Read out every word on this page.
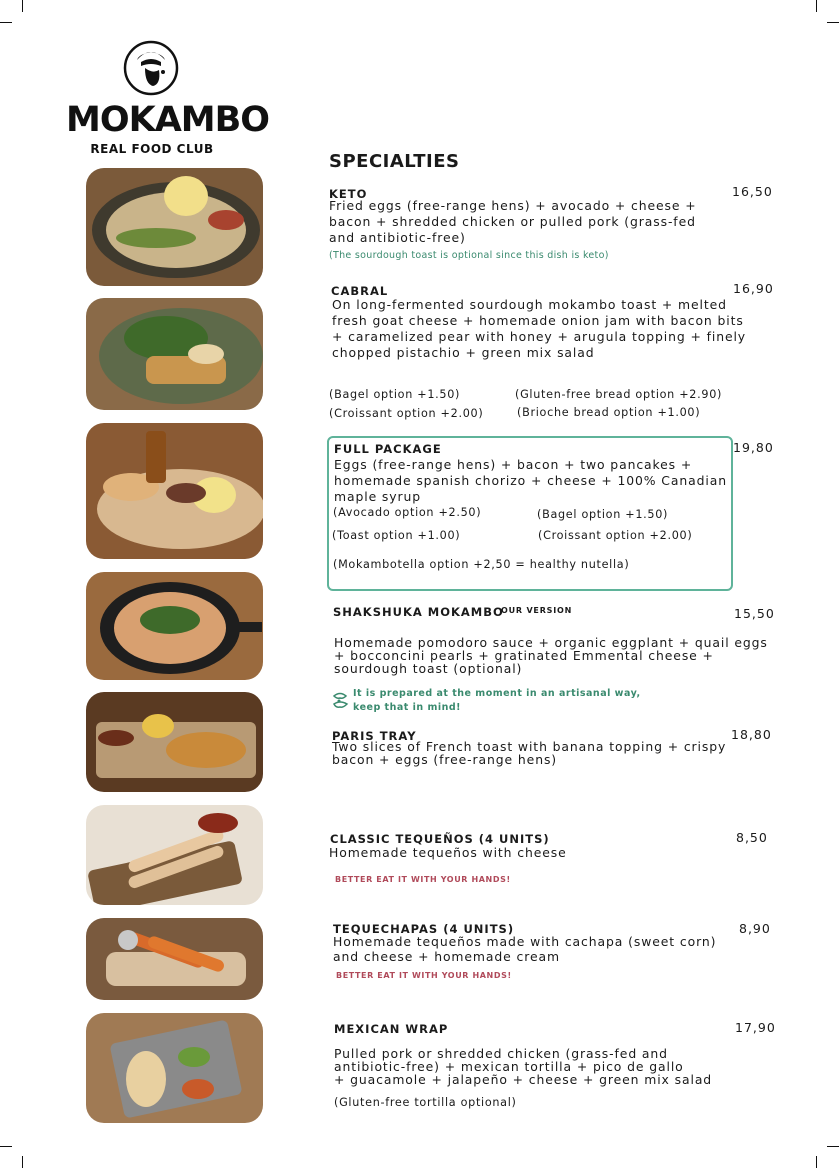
MOKAMBO
REAL FOOD CLUB
SPECIALTIES
KETO	16,50
Fried eggs (free-range hens) + avocado + cheese +
bacon + shredded chicken or pulled pork (grass-fed
and antibiotic-free)
(The sourdough toast is optional since this dish is keto)
CABRAL	16,90
On long-fermented sourdough mokambo toast + melted
fresh goat cheese + homemade onion jam with bacon bits
+ caramelized pear with honey + arugula topping + finely
chopped pistachio + green mix salad
(Bagel option +1.50)	(Gluten-free bread option +2.90)
(Croissant option +2.00)	(Brioche bread option +1.00)
FULL PACKAGE	19,80
Eggs (free-range hens) + bacon + two pancakes +
homemade spanish chorizo + cheese + 100% Canadian
maple syrup
(Avocado option +2.50)	(Bagel option +1.50)
(Toast option +1.00)	(Croissant option +2.00)
(Mokambotella option +2,50 = healthy nutella)
SHAKSHUKA MOKAMBO
OUR VERSION	15,50
Homemade pomodoro sauce + organic eggplant + quail eggs
+ bocconcini pearls + gratinated Emmental cheese +
sourdough toast (optional)
It is prepared at the moment in an artisanal way,
keep that in mind!
PARIS TRAY	18,80
Two slices of French toast with banana topping + crispy
bacon + eggs (free-range hens)
CLASSIC TEQUEÑOS (4 UNITS)	8,50
Homemade tequeños with cheese
BETTER EAT IT WITH YOUR HANDS!
TEQUECHAPAS (4 UNITS)	8,90
Homemade tequeños made with cachapa (sweet corn)
and cheese + homemade cream
BETTER EAT IT WITH YOUR HANDS!
MEXICAN WRAP	17,90
Pulled pork or shredded chicken (grass-fed and
antibiotic-free) + mexican tortilla + pico de gallo
+ guacamole + jalapeño + cheese + green mix salad
(Gluten-free tortilla optional)
